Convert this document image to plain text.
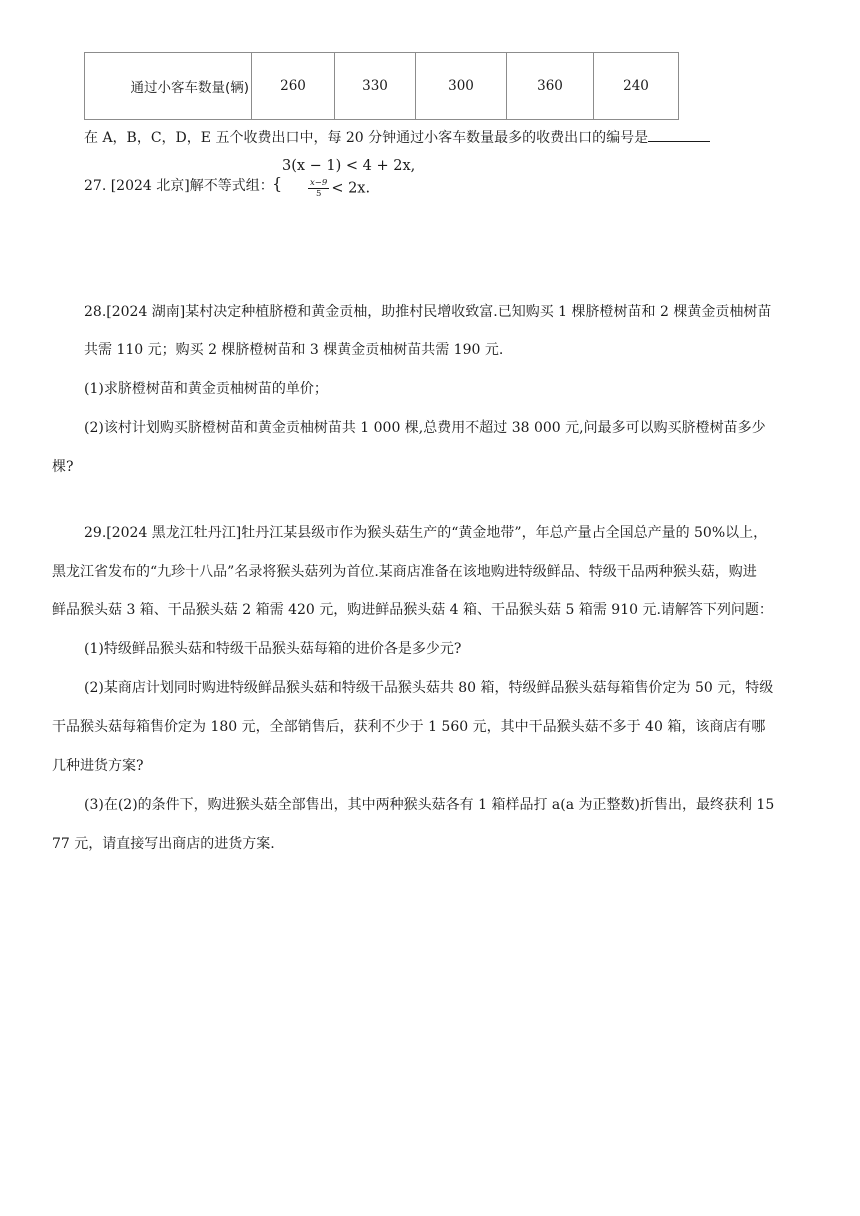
通过小客车数量(辆)	260	330	300	360	240
在 A，B，C，D，E 五个收费出口中，每 20 分钟通过小客车数量最多的收费出口的编号是
27. [2024 北京]解不等式组：
{
3(x − 1) < 4 + 2x,
$\frac{x-9}{5} < 2x$.
28.[2024 湖南]某村决定种植脐橙和黄金贡柚，助推村民增收致富.已知购买 1 棵脐橙树苗和 2 棵黄金贡柚树苗
共需 110 元；购买 2 棵脐橙树苗和 3 棵黄金贡柚树苗共需 190 元.
(1)求脐橙树苗和黄金贡柚树苗的单价；
(2)该村计划购买脐橙树苗和黄金贡柚树苗共 1 000 棵,总费用不超过 38 000 元,问最多可以购买脐橙树苗多少
棵?
29.[2024 黑龙江牡丹江]牡丹江某县级市作为猴头菇生产的“黄金地带”，年总产量占全国总产量的 50%以上，
黑龙江省发布的“九珍十八品”名录将猴头菇列为首位.某商店准备在该地购进特级鲜品、特级干品两种猴头菇，购进
鲜品猴头菇 3 箱、干品猴头菇 2 箱需 420 元，购进鲜品猴头菇 4 箱、干品猴头菇 5 箱需 910 元.请解答下列问题：
(1)特级鲜品猴头菇和特级干品猴头菇每箱的进价各是多少元?
(2)某商店计划同时购进特级鲜品猴头菇和特级干品猴头菇共 80 箱，特级鲜品猴头菇每箱售价定为 50 元，特级
干品猴头菇每箱售价定为 180 元，全部销售后，获利不少于 1 560 元，其中干品猴头菇不多于 40 箱，该商店有哪
几种进货方案?
(3)在(2)的条件下，购进猴头菇全部售出，其中两种猴头菇各有 1 箱样品打 a(a 为正整数)折售出，最终获利 15
77 元，请直接写出商店的进货方案.
